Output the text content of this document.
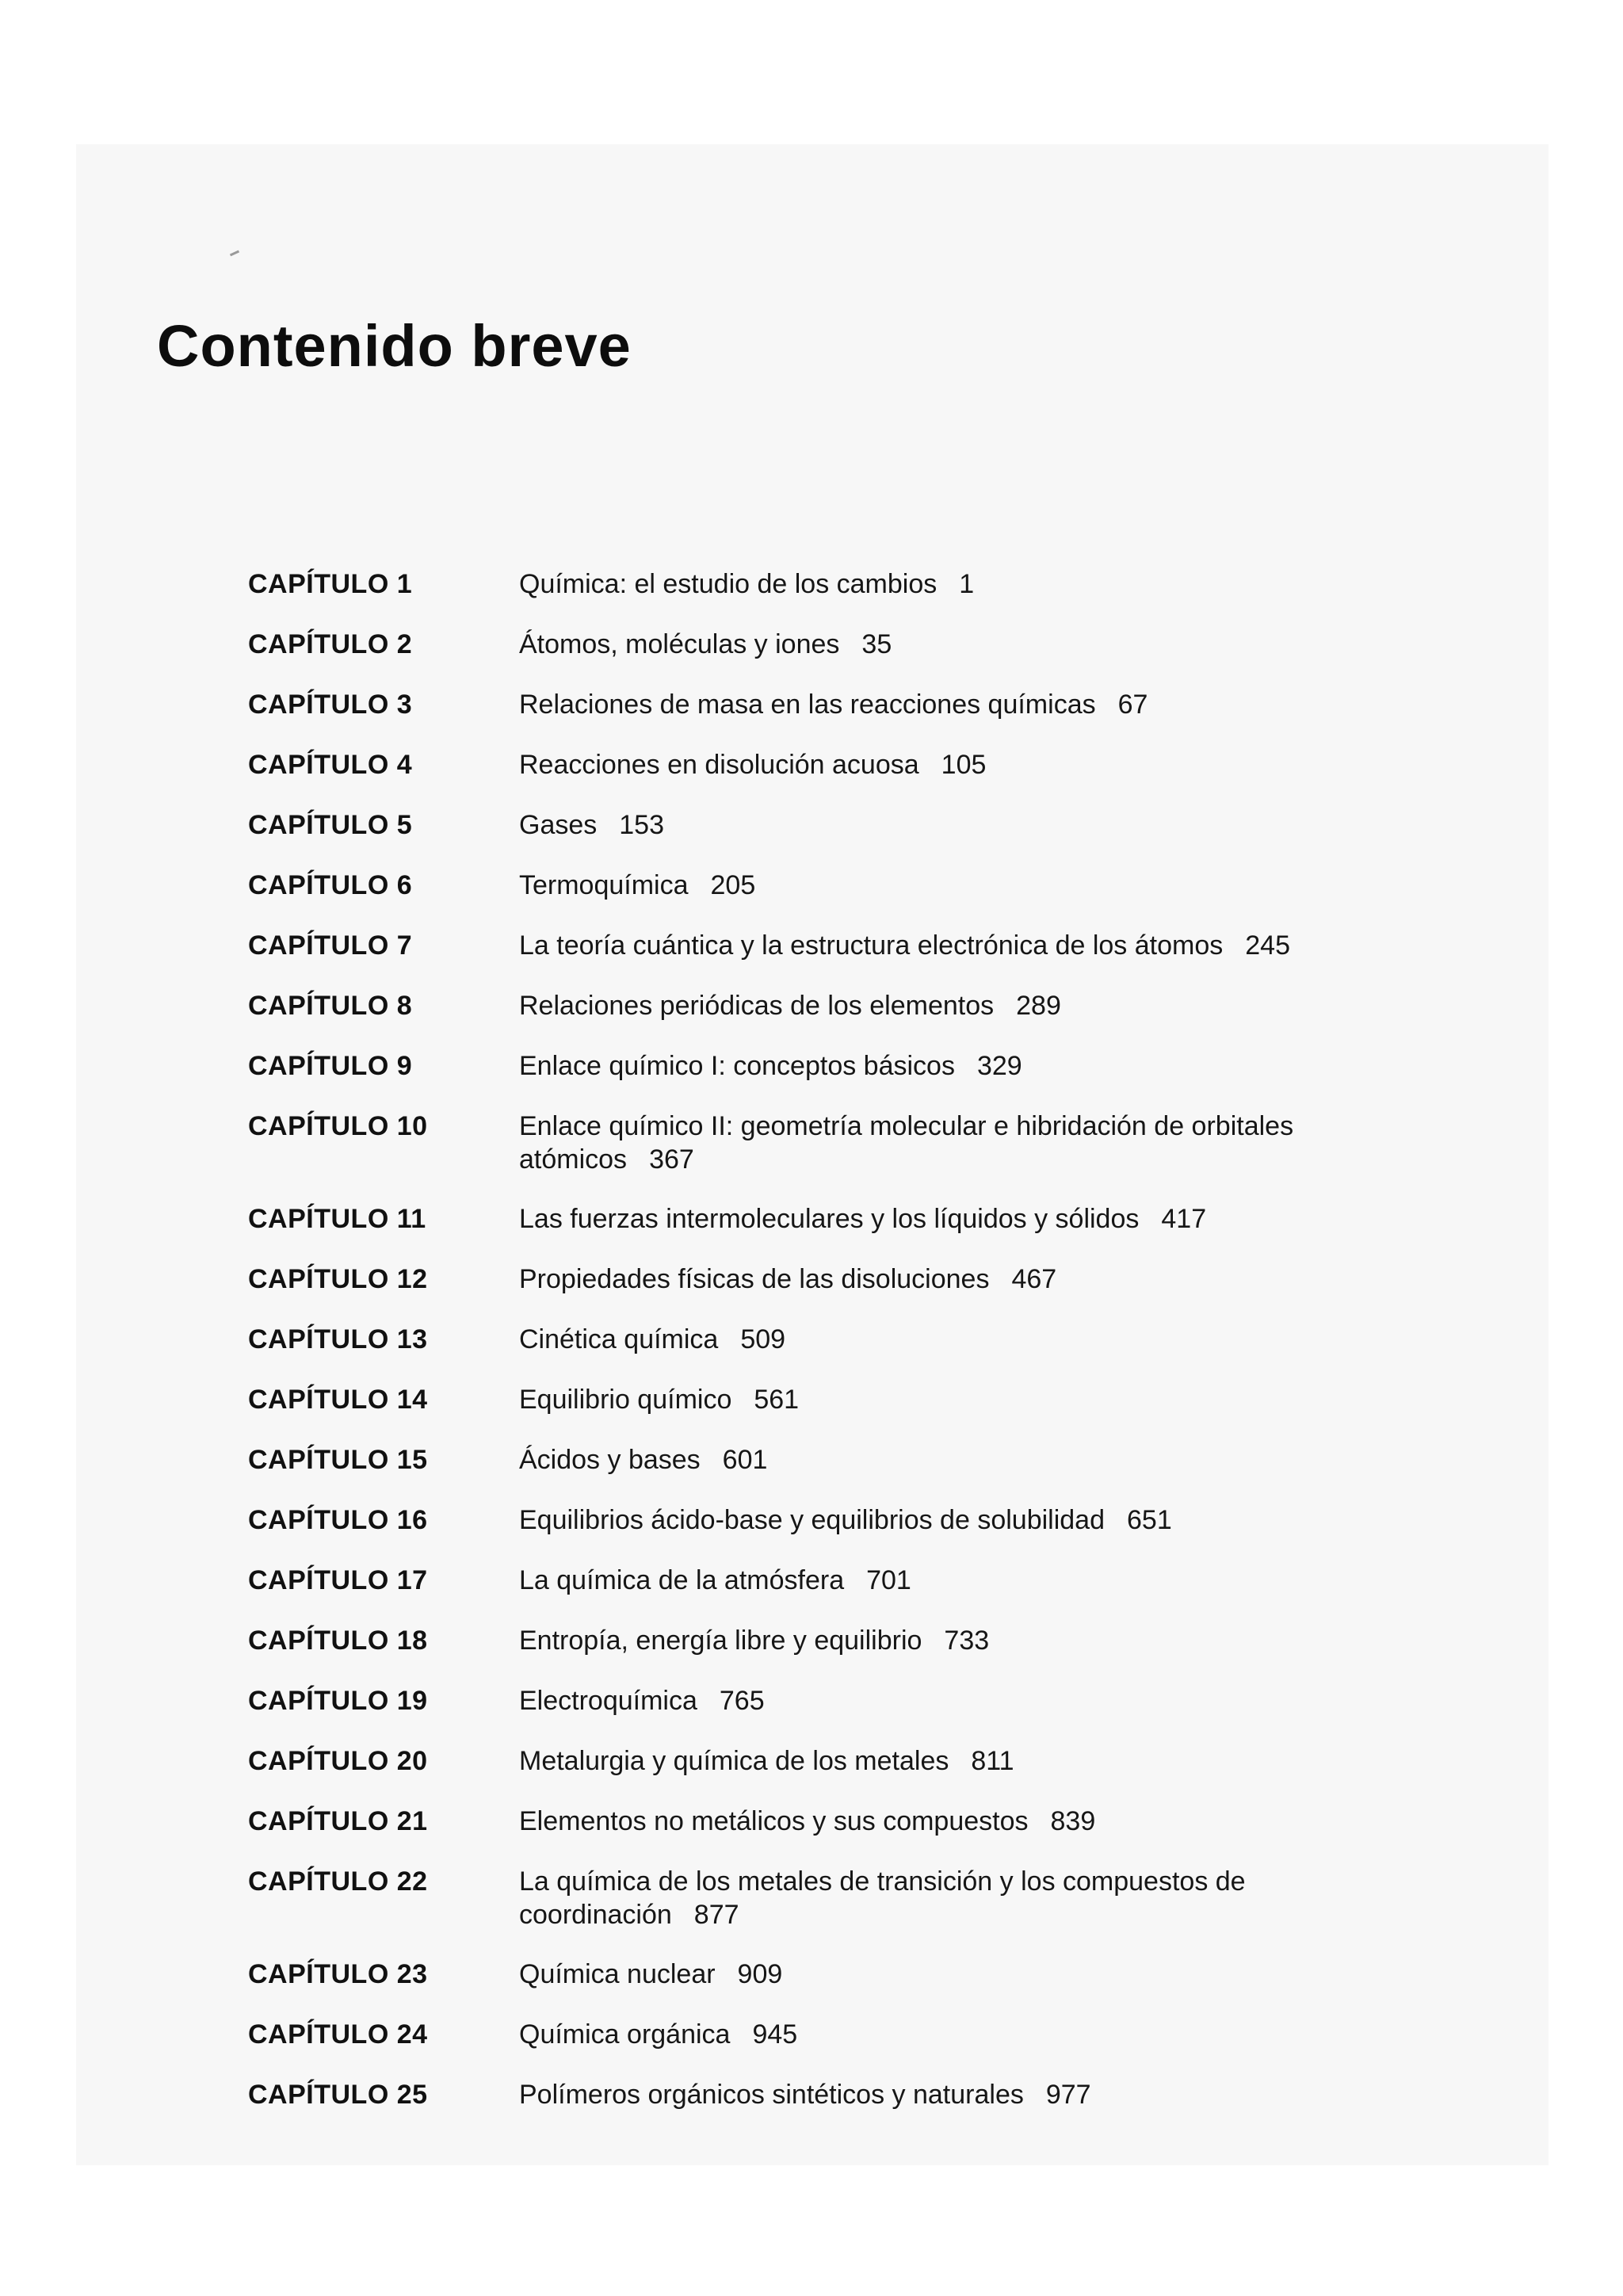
Contenido breve
CAPÍTULO 1	Química: el estudio de los cambios 1
CAPÍTULO 2	Átomos, moléculas y iones 35
CAPÍTULO 3	Relaciones de masa en las reacciones químicas 67
CAPÍTULO 4	Reacciones en disolución acuosa 105
CAPÍTULO 5	Gases 153
CAPÍTULO 6	Termoquímica 205
CAPÍTULO 7	La teoría cuántica y la estructura electrónica de los átomos 245
CAPÍTULO 8	Relaciones periódicas de los elementos 289
CAPÍTULO 9	Enlace químico I: conceptos básicos 329
CAPÍTULO 10	Enlace químico II: geometría molecular e hibridación de orbitales atómicos 367
CAPÍTULO 11	Las fuerzas intermoleculares y los líquidos y sólidos 417
CAPÍTULO 12	Propiedades físicas de las disoluciones 467
CAPÍTULO 13	Cinética química 509
CAPÍTULO 14	Equilibrio químico 561
CAPÍTULO 15	Ácidos y bases 601
CAPÍTULO 16	Equilibrios ácido-base y equilibrios de solubilidad 651
CAPÍTULO 17	La química de la atmósfera 701
CAPÍTULO 18	Entropía, energía libre y equilibrio 733
CAPÍTULO 19	Electroquímica 765
CAPÍTULO 20	Metalurgia y química de los metales 811
CAPÍTULO 21	Elementos no metálicos y sus compuestos 839
CAPÍTULO 22	La química de los metales de transición y los compuestos de coordinación 877
CAPÍTULO 23	Química nuclear 909
CAPÍTULO 24	Química orgánica 945
CAPÍTULO 25	Polímeros orgánicos sintéticos y naturales 977
